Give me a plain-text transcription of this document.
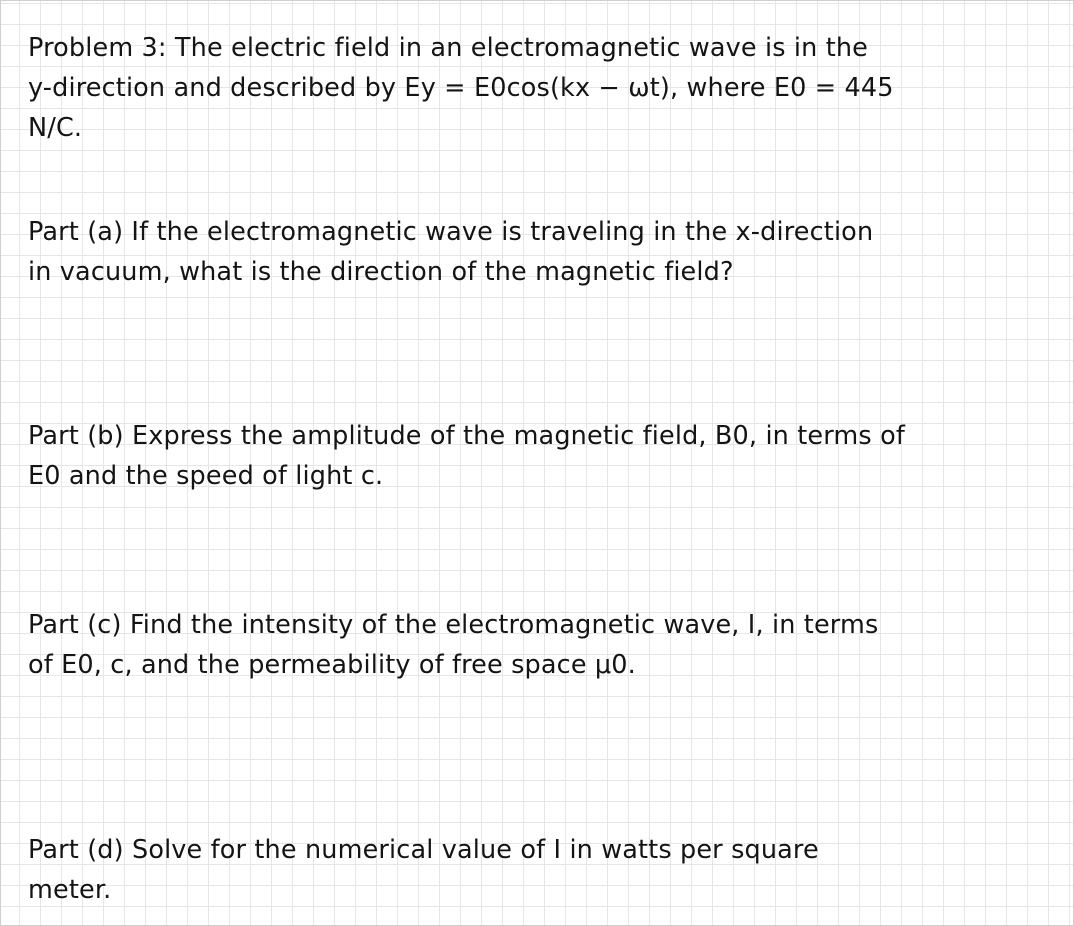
Problem 3: The electric field in an electromagnetic wave is in the
y-direction and described by Ey = E0cos(kx − ωt), where E0 = 445
N/C.

Part (a) If the electromagnetic wave is traveling in the x-direction
in vacuum, what is the direction of the magnetic field?

Part (b) Express the amplitude of the magnetic field, B0, in terms of
E0 and the speed of light c.

Part (c) Find the intensity of the electromagnetic wave, I, in terms
of E0, c, and the permeability of free space μ0.

Part (d) Solve for the numerical value of I in watts per square
meter.
